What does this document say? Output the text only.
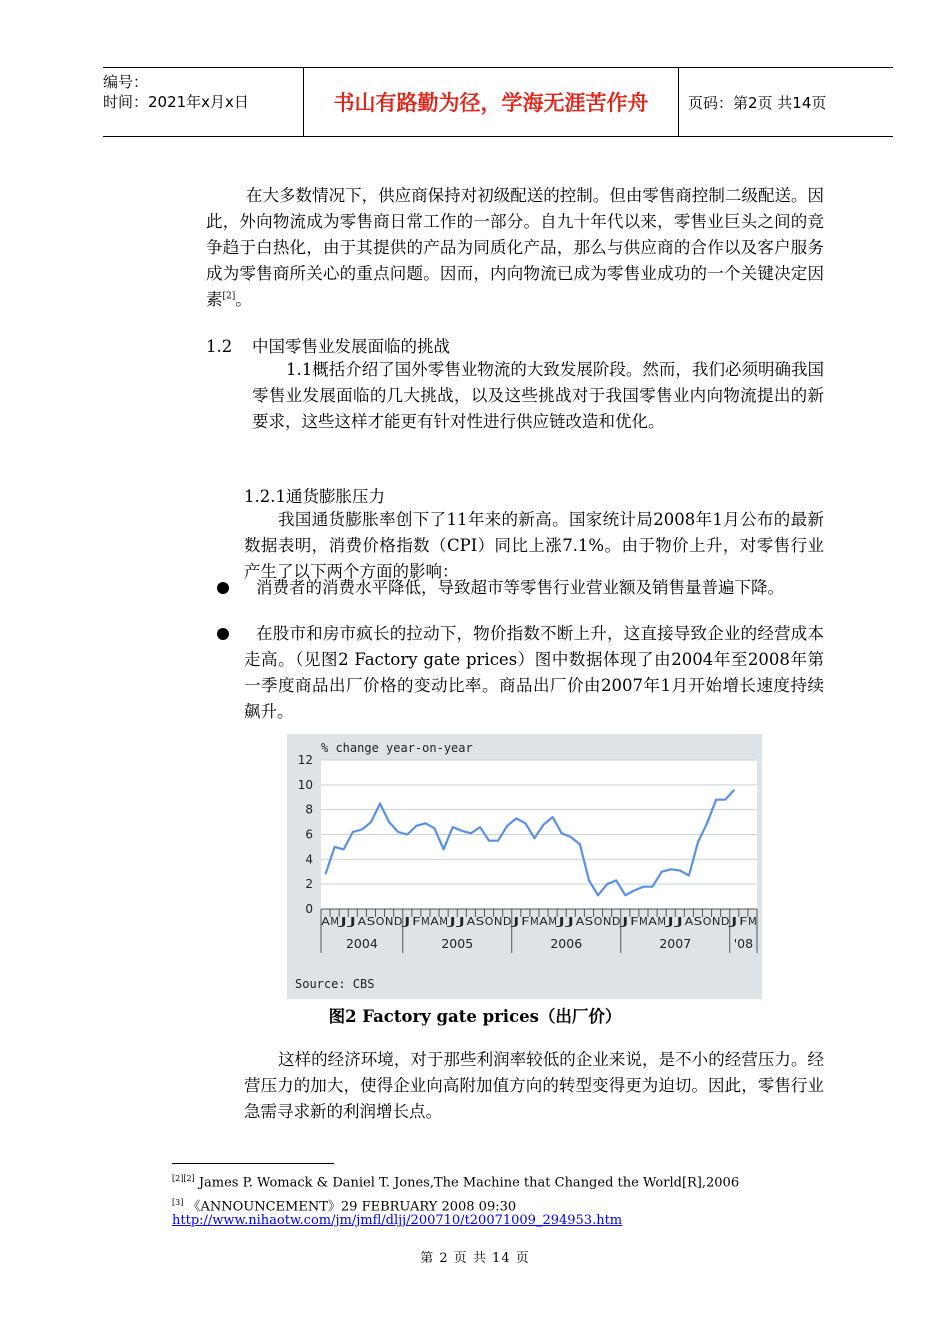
编号：
时间：2021年x月x日	书山有路勤为径，学海无涯苦作舟	页码：第2页 共14页
在大多数情况下，供应商保持对初级配送的控制。但由零售商控制二级配送。因此，外向物流成为零售商日常工作的一部分。自九十年代以来，零售业巨头之间的竞争趋于白热化，由于其提供的产品为同质化产品，那么与供应商的合作以及客户服务成为零售商所关心的重点问题。因而，内向物流已成为零售业成功的一个关键决定因素[2]。
1.2 中国零售业发展面临的挑战
1.1概括介绍了国外零售业物流的大致发展阶段。然而，我们必须明确我国零售业发展面临的几大挑战，以及这些挑战对于我国零售业内向物流提出的新要求，这些这样才能更有针对性进行供应链改造和优化。
1.2.1通货膨胀压力
我国通货膨胀率创下了11年来的新高。国家统计局2008年1月公布的最新数据表明，消费价格指数（CPI）同比上涨7.1%。由于物价上升，对零售行业产生了以下两个方面的影响：
消费者的消费水平降低，导致超市等零售行业营业额及销售量普遍下降。
在股市和房市疯长的拉动下，物价指数不断上升，这直接导致企业的经营成本走高。（见图2 Factory gate prices）图中数据体现了由2004年至2008年第一季度商品出厂价格的变动比率。商品出厂价由2007年1月开始增长速度持续飙升。
% change year-on-year
0
2
4
6
8
10
12
A M
J
J A S O N D
J F M A M
J
J A S O N D
J F M A M
J
J A S O N D
J F M A M
J
J A S O N D
J F M
2004	2005	2006	2007	'08
Source: CBS
图2 Factory gate prices（出厂价）
这样的经济环境，对于那些利润率较低的企业来说，是不小的经营压力。经营压力的加大，使得企业向高附加值方向的转型变得更为迫切。因此，零售行业急需寻求新的利润增长点。
[2][2] James P. Womack & Daniel T. Jones,The Machine that Changed the World[R],2006
[3] 《ANNOUNCEMENT》29 FEBRUARY 2008 09:30
http://www.nihaotw.com/jm/jmfl/dljj/200710/t20071009_294953.htm
第 2 页 共 14 页
